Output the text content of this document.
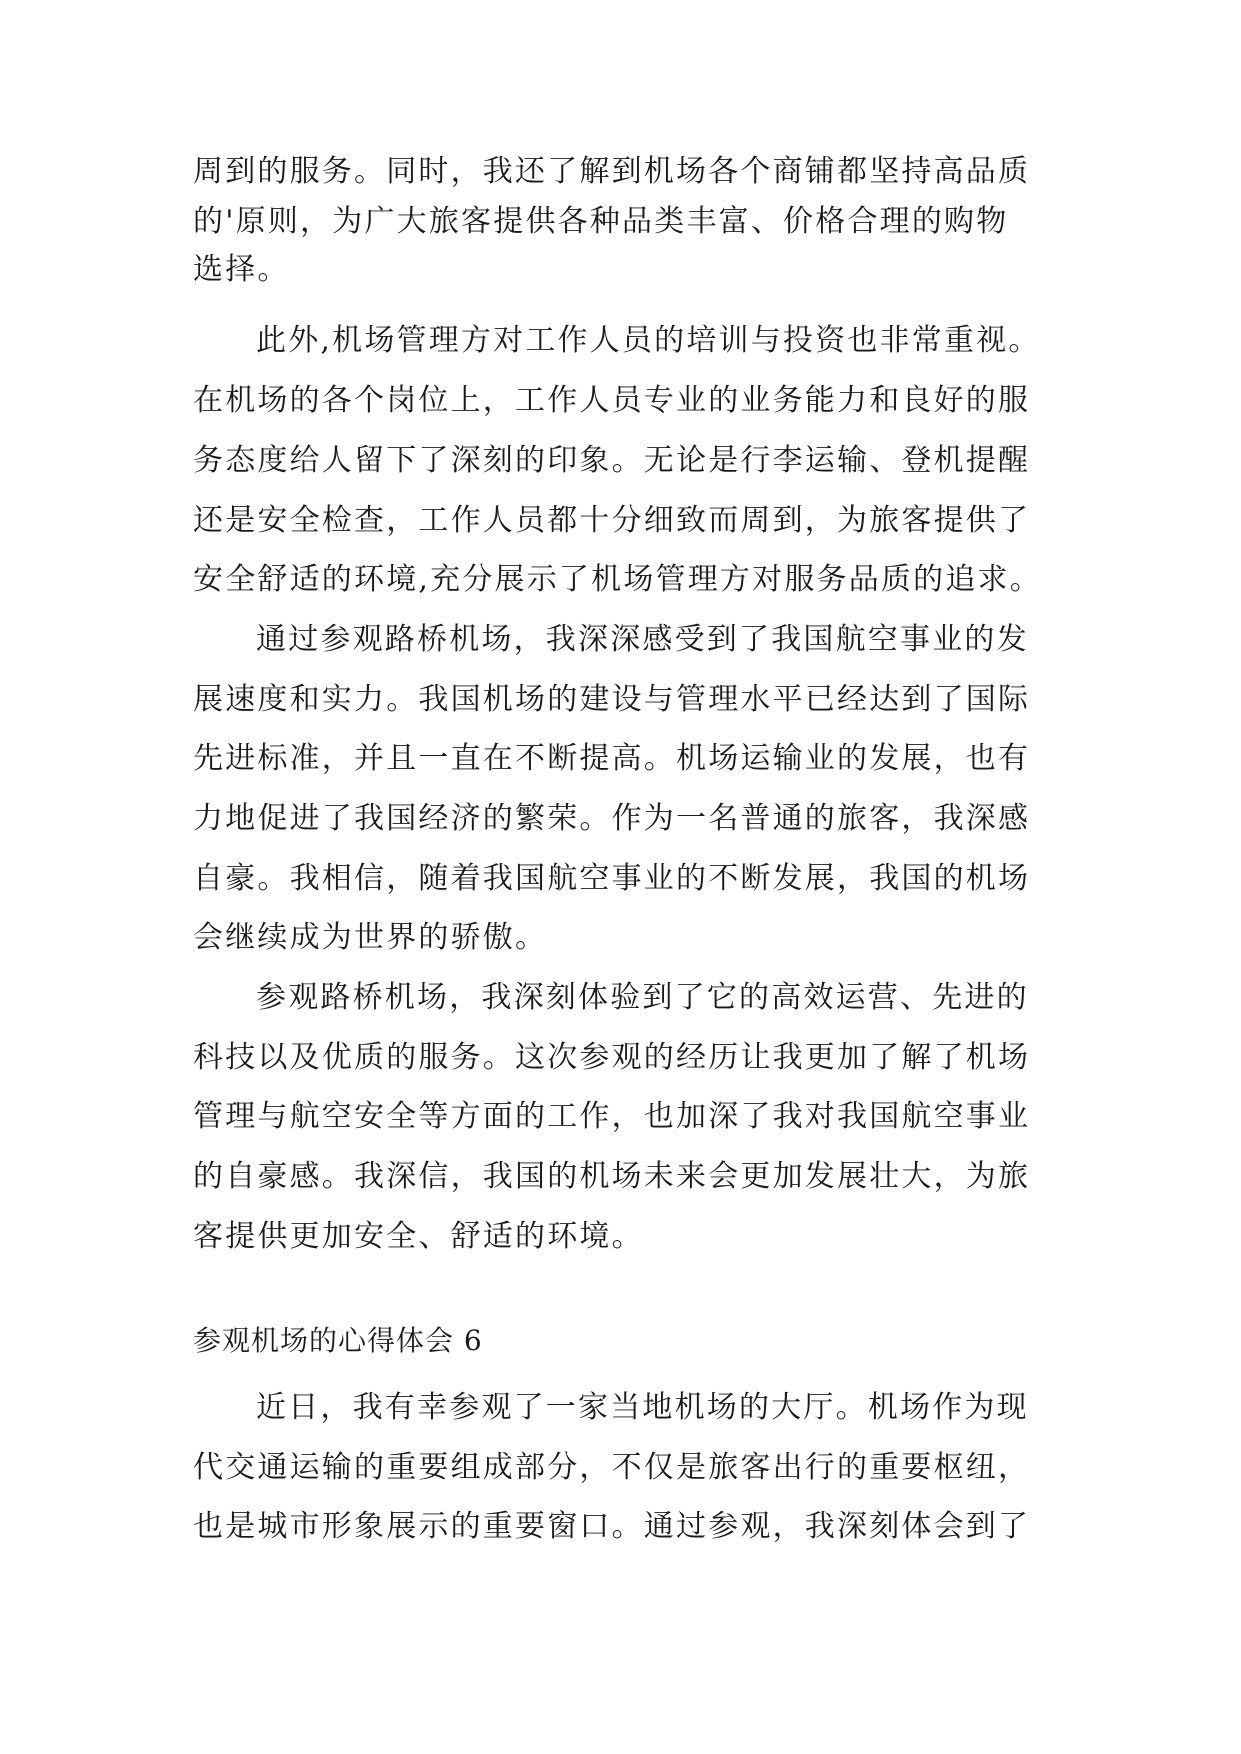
周到的服务。同时，我还了解到机场各个商铺都坚持高品质
的'原则，为广大旅客提供各种品类丰富、价格合理的购物
选择。
此外,机场管理方对工作人员的培训与投资也非常重视。
在机场的各个岗位上，工作人员专业的业务能力和良好的服
务态度给人留下了深刻的印象。无论是行李运输、登机提醒
还是安全检查，工作人员都十分细致而周到，为旅客提供了
安全舒适的环境,充分展示了机场管理方对服务品质的追求。
通过参观路桥机场，我深深感受到了我国航空事业的发
展速度和实力。我国机场的建设与管理水平已经达到了国际
先进标准，并且一直在不断提高。机场运输业的发展，也有
力地促进了我国经济的繁荣。作为一名普通的旅客，我深感
自豪。我相信，随着我国航空事业的不断发展，我国的机场
会继续成为世界的骄傲。
参观路桥机场，我深刻体验到了它的高效运营、先进的
科技以及优质的服务。这次参观的经历让我更加了解了机场
管理与航空安全等方面的工作，也加深了我对我国航空事业
的自豪感。我深信，我国的机场未来会更加发展壮大，为旅
客提供更加安全、舒适的环境。
参观机场的心得体会 6
近日，我有幸参观了一家当地机场的大厅。机场作为现
代交通运输的重要组成部分，不仅是旅客出行的重要枢纽，
也是城市形象展示的重要窗口。通过参观，我深刻体会到了
